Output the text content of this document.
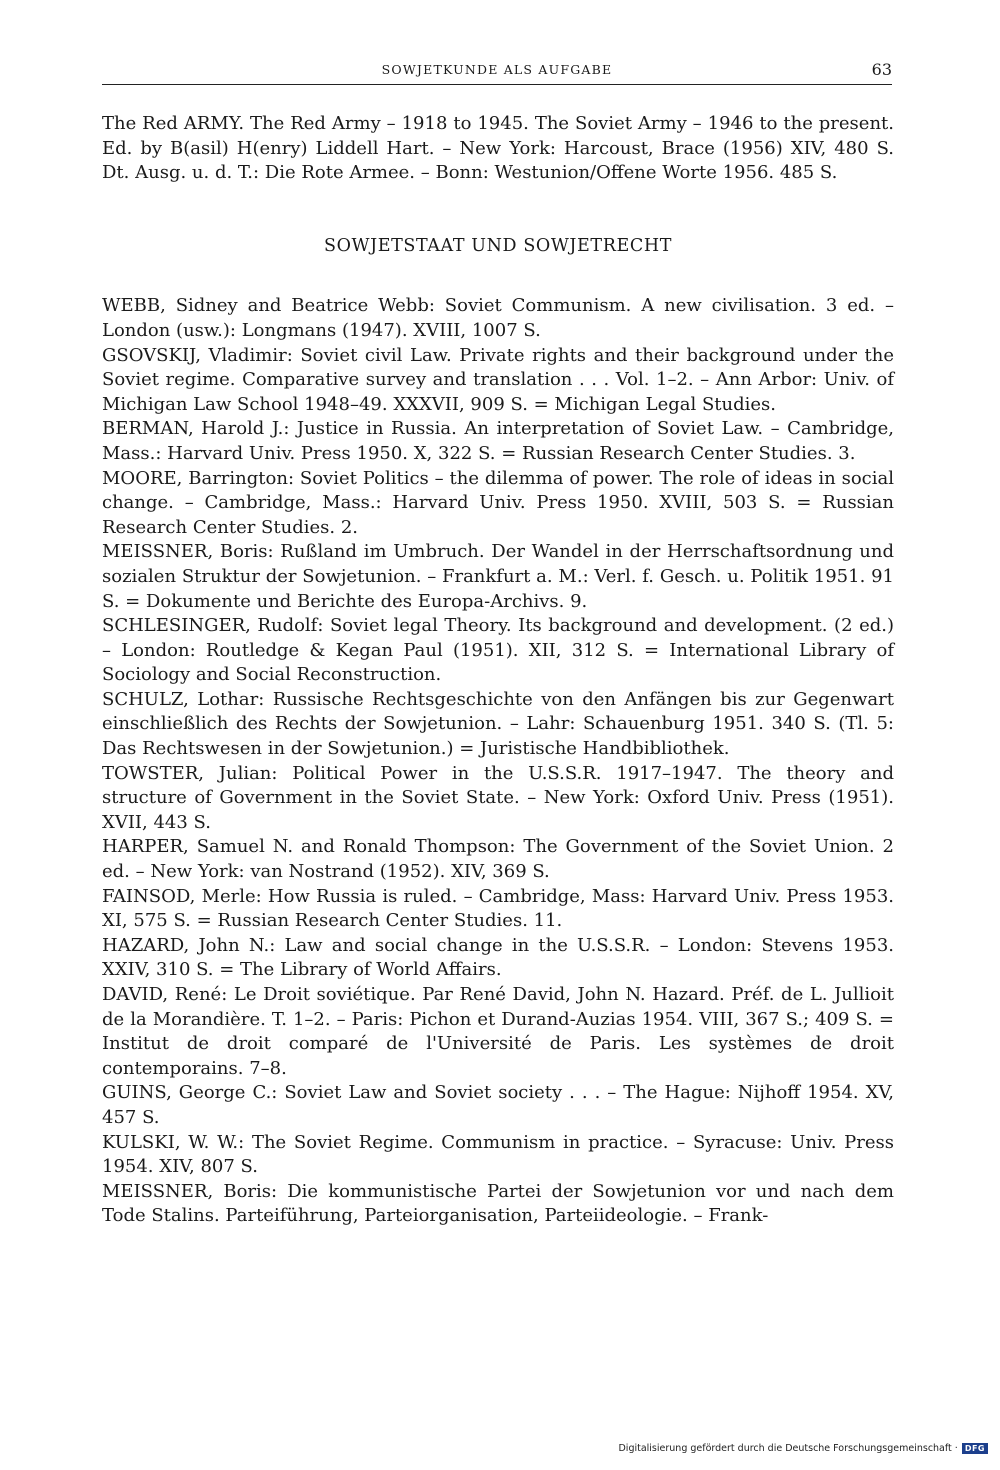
SOWJETKUNDE ALS AUFGABE	63

The Red ARMY. The Red Army – 1918 to 1945. The Soviet Army – 1946 to the present. Ed. by B(asil) H(enry) Liddell Hart. – New York: Harcoust, Brace (1956) XIV, 480 S. Dt. Ausg. u. d. T.: Die Rote Armee. – Bonn: Westunion/Offene Worte 1956. 485 S.

SOWJETSTAAT UND SOWJETRECHT

WEBB, Sidney and Beatrice Webb: Soviet Communism. A new civilisation. 3 ed. – London (usw.): Longmans (1947). XVIII, 1007 S.

GSOVSKIJ, Vladimir: Soviet civil Law. Private rights and their background under the Soviet regime. Comparative survey and translation . . . Vol. 1–2. – Ann Arbor: Univ. of Michigan Law School 1948–49. XXXVII, 909 S. = Michigan Legal Studies.

BERMAN, Harold J.: Justice in Russia. An interpretation of Soviet Law. – Cambridge, Mass.: Harvard Univ. Press 1950. X, 322 S. = Russian Research Center Studies. 3.

MOORE, Barrington: Soviet Politics – the dilemma of power. The role of ideas in social change. – Cambridge, Mass.: Harvard Univ. Press 1950. XVIII, 503 S. = Russian Research Center Studies. 2.

MEISSNER, Boris: Rußland im Umbruch. Der Wandel in der Herrschaftsordnung und sozialen Struktur der Sowjetunion. – Frankfurt a. M.: Verl. f. Gesch. u. Politik 1951. 91 S. = Dokumente und Berichte des Europa-Archivs. 9.

SCHLESINGER, Rudolf: Soviet legal Theory. Its background and development. (2 ed.) – London: Routledge & Kegan Paul (1951). XII, 312 S. = International Library of Sociology and Social Reconstruction.

SCHULZ, Lothar: Russische Rechtsgeschichte von den Anfängen bis zur Gegenwart einschließlich des Rechts der Sowjetunion. – Lahr: Schauenburg 1951. 340 S. (Tl. 5: Das Rechtswesen in der Sowjetunion.) = Juristische Handbibliothek.

TOWSTER, Julian: Political Power in the U.S.S.R. 1917–1947. The theory and structure of Government in the Soviet State. – New York: Oxford Univ. Press (1951). XVII, 443 S.

HARPER, Samuel N. and Ronald Thompson: The Government of the Soviet Union. 2 ed. – New York: van Nostrand (1952). XIV, 369 S.

FAINSOD, Merle: How Russia is ruled. – Cambridge, Mass: Harvard Univ. Press 1953. XI, 575 S. = Russian Research Center Studies. 11.

HAZARD, John N.: Law and social change in the U.S.S.R. – London: Stevens 1953. XXIV, 310 S. = The Library of World Affairs.

DAVID, René: Le Droit soviétique. Par René David, John N. Hazard. Préf. de L. Jullioit de la Morandière. T. 1–2. – Paris: Pichon et Durand-Auzias 1954. VIII, 367 S.; 409 S. = Institut de droit comparé de l'Université de Paris. Les systèmes de droit contemporains. 7–8.

GUINS, George C.: Soviet Law and Soviet society . . . – The Hague: Nijhoff 1954. XV, 457 S.

KULSKI, W. W.: The Soviet Regime. Communism in practice. – Syracuse: Univ. Press 1954. XIV, 807 S.

MEISSNER, Boris: Die kommunistische Partei der Sowjetunion vor und nach dem Tode Stalins. Parteiführung, Parteiorganisation, Parteiideologie. – Frank-

Digitalisierung gefördert durch die Deutsche Forschungsgemeinschaft · DFG
